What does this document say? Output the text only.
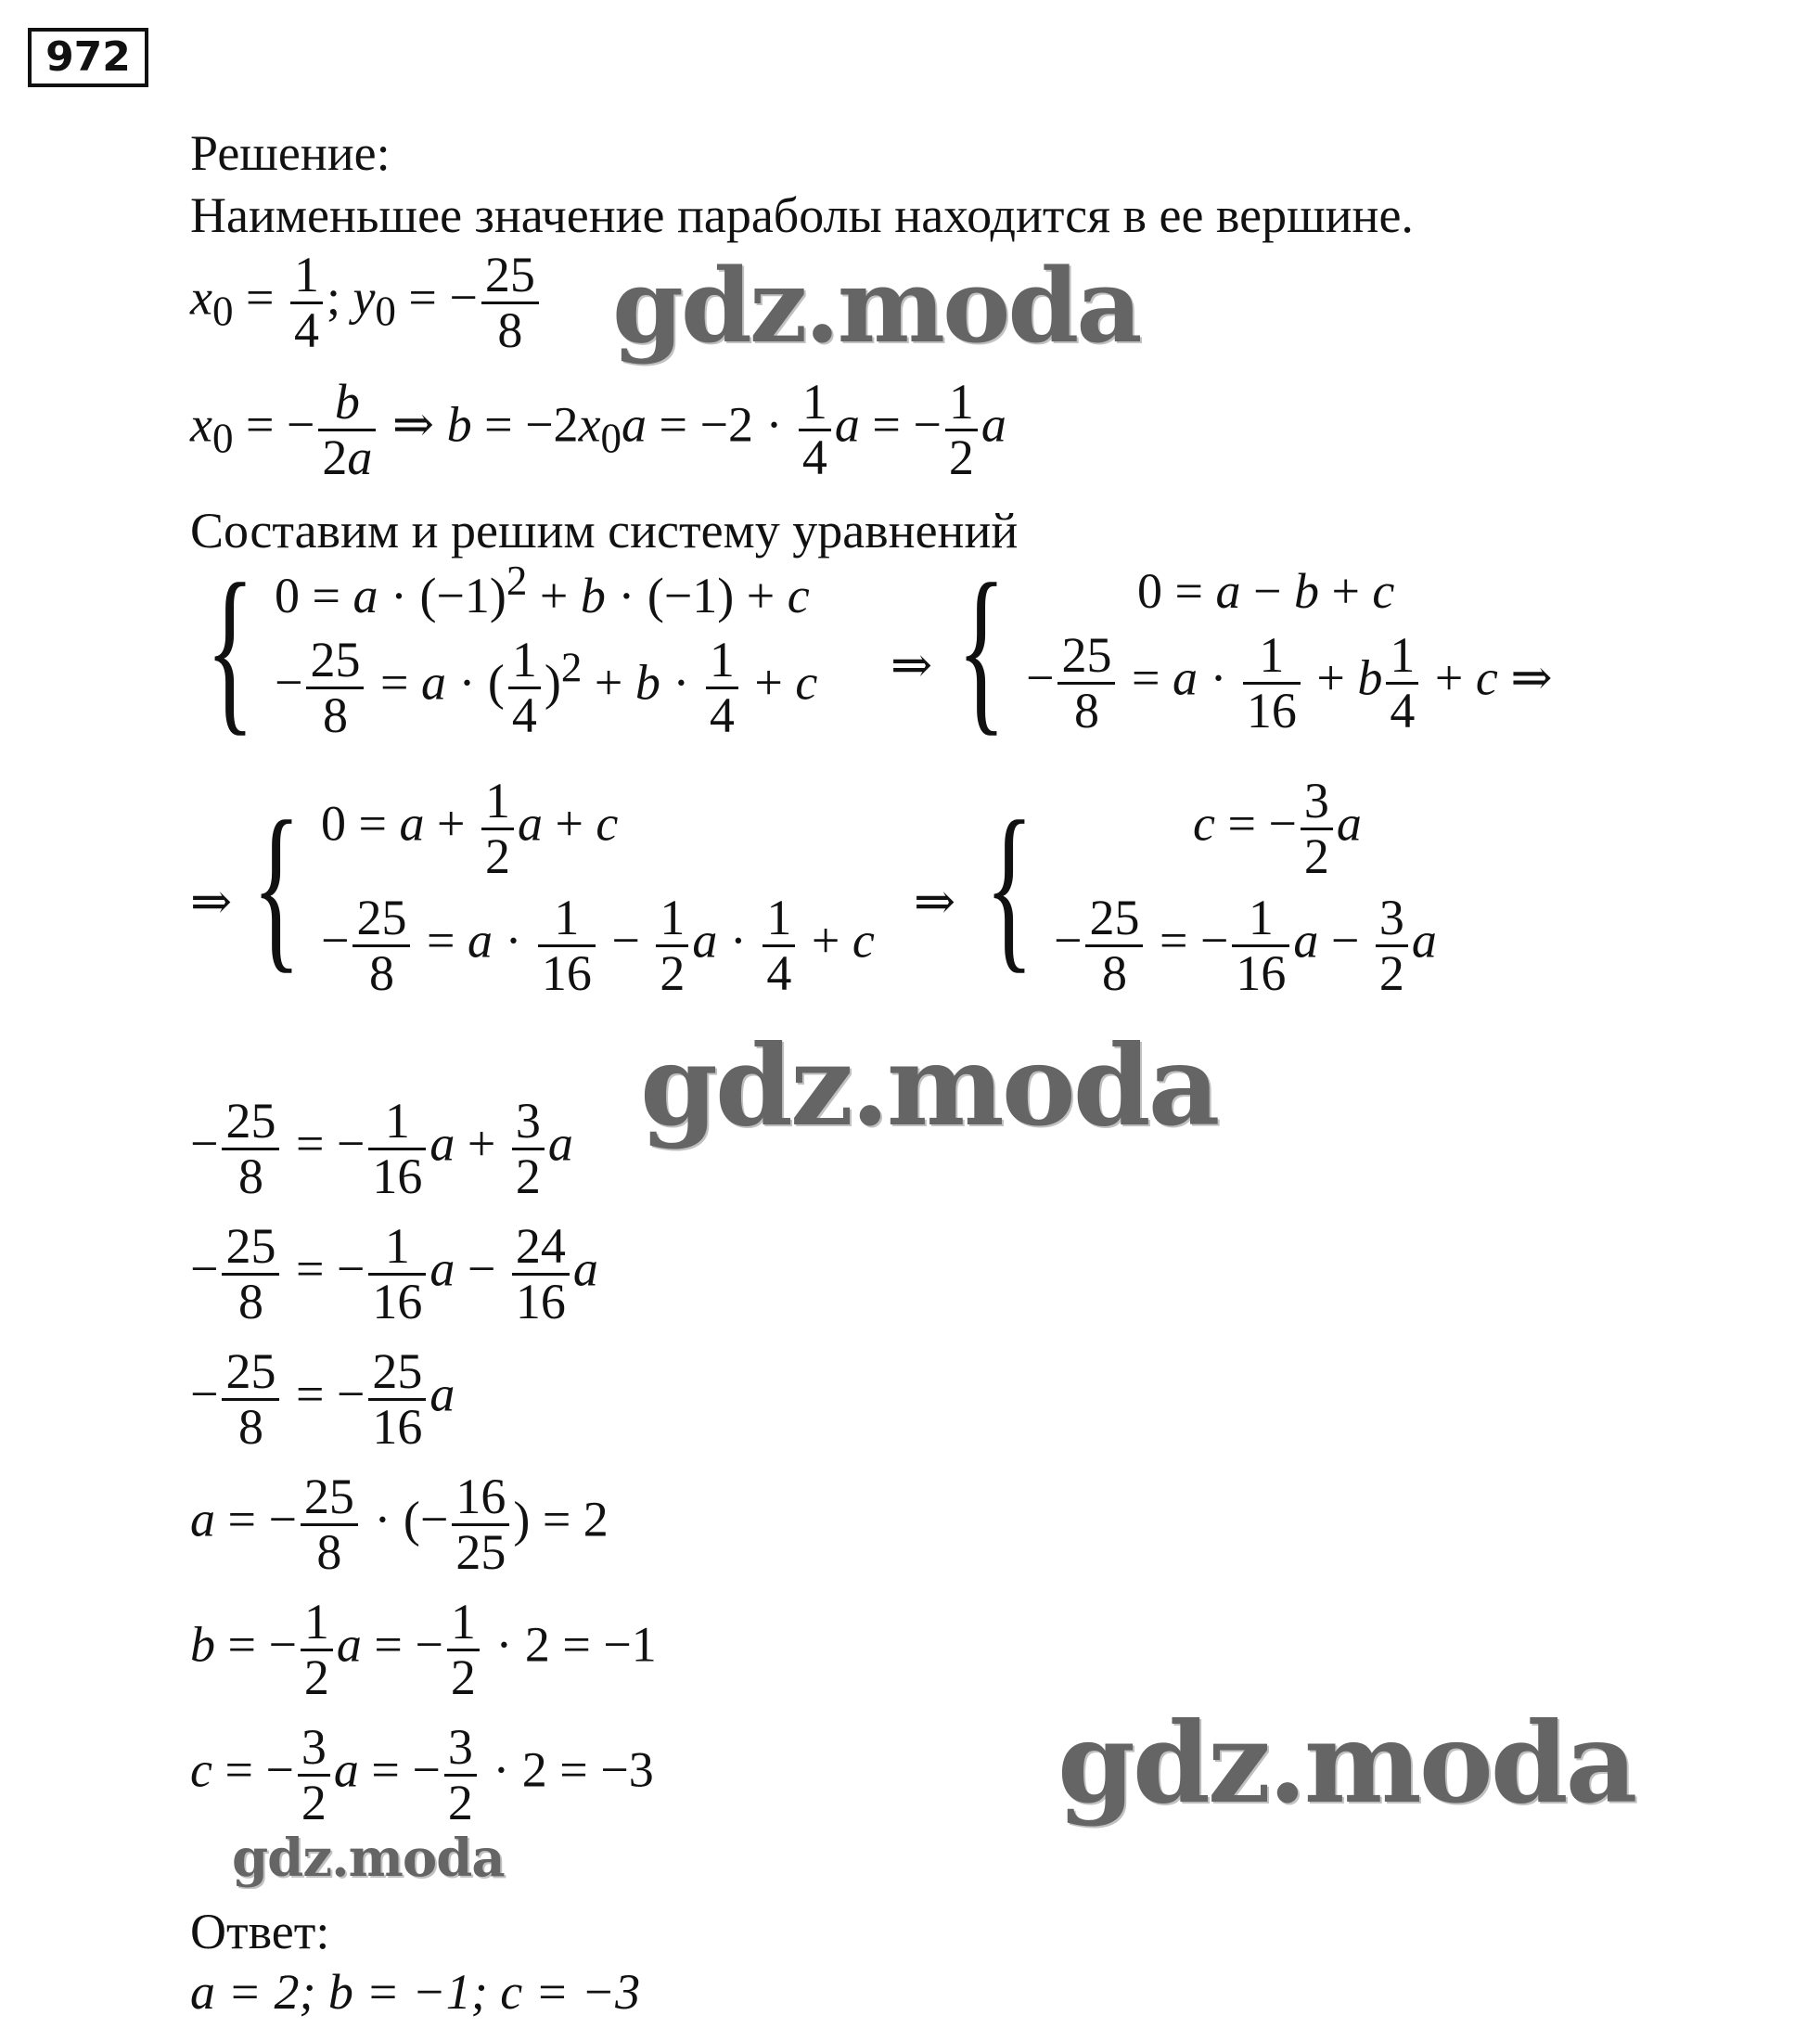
972
Решение:
Наименьшее значение параболы находится в ее вершине.
$x_0 = \frac{1}{4}$ ; $y_0$ = − $\frac{25}{8}$
$x_0$ = − $\frac{b}{2a}$ ⇒ $b = -2x_0a = -2 \cdot \frac{1}{4}$ a = − $\frac{1}{2}$ a
Составим и решим систему уравнений
{ $0 = a \cdot (-1)^2 + b \cdot (-1) + c$
− $\frac{25}{8} = a$ · ( $\frac{1}{4} )^2 + b \cdot \frac{1}{4} + c$ ⇒ {	0 = a − b + c
− $\frac{25}{8} = a \cdot \frac{1}{16} + b \frac{1}{4} + c$ ⇒
⇒ { $0 = a + \frac{1}{2}$ a + c
− $\frac{25}{8} = a \cdot \frac{1}{16} - \frac{1}{2}$ $a \cdot \frac{1}{4} + c$
⇒ {	c = − $\frac{3}{2}$ a
− $\frac{25}{8}$ = − $\frac{1}{16}$ $a - \frac{3}{2}$ a
− $\frac{25}{8}$ = − $\frac{1}{16}$ $a + \frac{3}{2}$ a
− $\frac{25}{8}$ = − $\frac{1}{16}$ $a - \frac{24}{16}$ a
− $\frac{25}{8}$ = − $\frac{25}{16}$ a
a = − $\frac{25}{8}$ · (− $\frac{16}{25}$ ) = 2
b = − $\frac{1}{2}$ a = − $\frac{1}{2} \cdot 2 = -1$
c = − $\frac{3}{2}$ a = − $\frac{3}{2} \cdot 2 = -3$
Ответ:
a = 2; b = −1; c = −3
gdz.moda
gdz.moda
gdz.moda
gdz.moda
